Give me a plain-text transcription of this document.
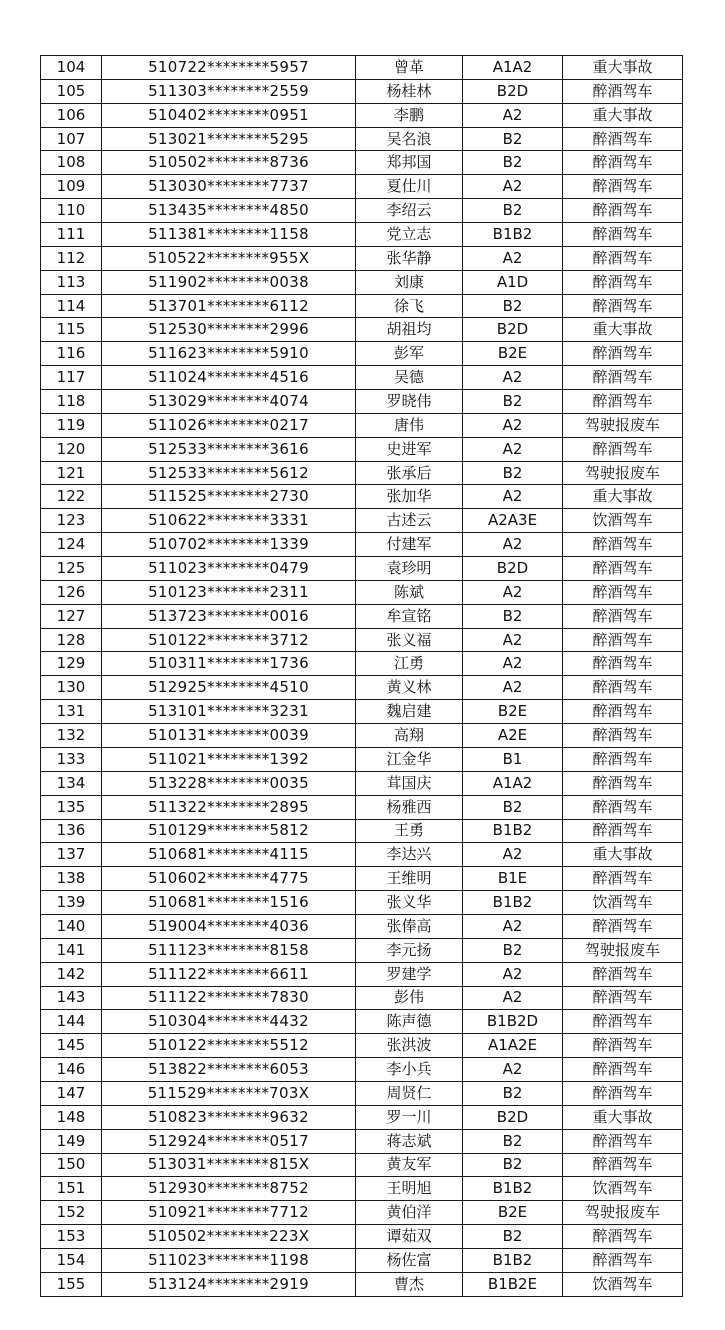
104	510722********5957	曾革	A1A2	重大事故
105	511303********2559	杨桂林	B2D	醉酒驾车
106	510402********0951	李鹏	A2	重大事故
107	513021********5295	吴名浪	B2	醉酒驾车
108	510502********8736	郑邦国	B2	醉酒驾车
109	513030********7737	夏仕川	A2	醉酒驾车
110	513435********4850	李绍云	B2	醉酒驾车
111	511381********1158	党立志	B1B2	醉酒驾车
112	510522********955X	张华静	A2	醉酒驾车
113	511902********0038	刘康	A1D	醉酒驾车
114	513701********6112	徐飞	B2	醉酒驾车
115	512530********2996	胡祖均	B2D	重大事故
116	511623********5910	彭军	B2E	醉酒驾车
117	511024********4516	吴德	A2	醉酒驾车
118	513029********4074	罗晓伟	B2	醉酒驾车
119	511026********0217	唐伟	A2	驾驶报废车
120	512533********3616	史进军	A2	醉酒驾车
121	512533********5612	张承后	B2	驾驶报废车
122	511525********2730	张加华	A2	重大事故
123	510622********3331	古述云	A2A3E	饮酒驾车
124	510702********1339	付建军	A2	醉酒驾车
125	511023********0479	袁珍明	B2D	醉酒驾车
126	510123********2311	陈斌	A2	醉酒驾车
127	513723********0016	牟宣铭	B2	醉酒驾车
128	510122********3712	张义福	A2	醉酒驾车
129	510311********1736	江勇	A2	醉酒驾车
130	512925********4510	黄义林	A2	醉酒驾车
131	513101********3231	魏启建	B2E	醉酒驾车
132	510131********0039	高翔	A2E	醉酒驾车
133	511021********1392	江金华	B1	醉酒驾车
134	513228********0035	茸国庆	A1A2	醉酒驾车
135	511322********2895	杨雅西	B2	醉酒驾车
136	510129********5812	王勇	B1B2	醉酒驾车
137	510681********4115	李达兴	A2	重大事故
138	510602********4775	王维明	B1E	醉酒驾车
139	510681********1516	张义华	B1B2	饮酒驾车
140	519004********4036	张俸高	A2	醉酒驾车
141	511123********8158	李元扬	B2	驾驶报废车
142	511122********6611	罗建学	A2	醉酒驾车
143	511122********7830	彭伟	A2	醉酒驾车
144	510304********4432	陈声德	B1B2D	醉酒驾车
145	510122********5512	张洪波	A1A2E	醉酒驾车
146	513822********6053	李小兵	A2	醉酒驾车
147	511529********703X	周贤仁	B2	醉酒驾车
148	510823********9632	罗一川	B2D	重大事故
149	512924********0517	蒋志斌	B2	醉酒驾车
150	513031********815X	黄友军	B2	醉酒驾车
151	512930********8752	王明旭	B1B2	饮酒驾车
152	510921********7712	黄伯洋	B2E	驾驶报废车
153	510502********223X	谭茹双	B2	醉酒驾车
154	511023********1198	杨佐富	B1B2	醉酒驾车
155	513124********2919	曹杰	B1B2E	饮酒驾车
